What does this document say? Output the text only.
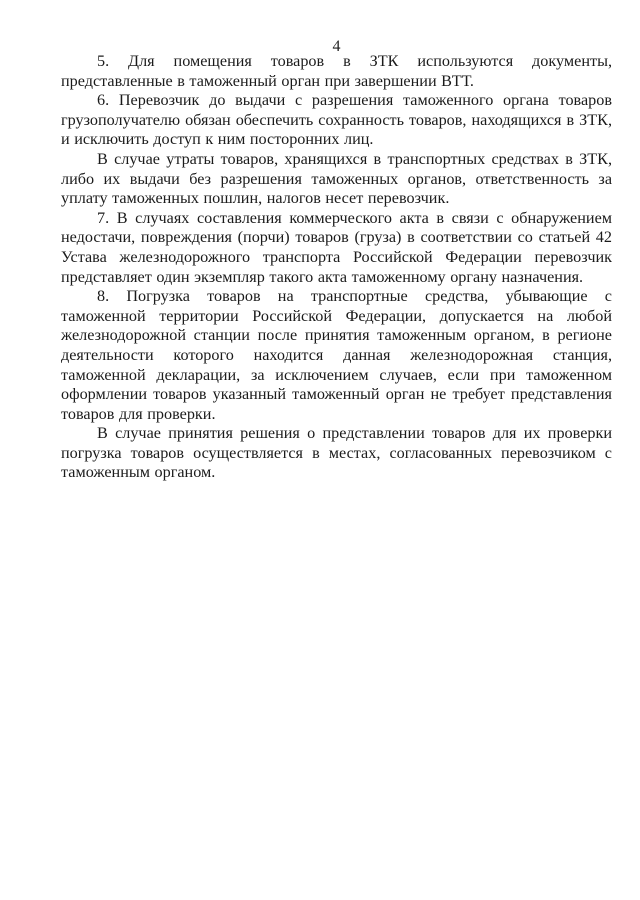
4

5. Для помещения товаров в ЗТК используются документы, представленные в таможенный орган при завершении ВТТ.

6. Перевозчик до выдачи с разрешения таможенного органа товаров грузополучателю обязан обеспечить сохранность товаров, находящихся в ЗТК, и исключить доступ к ним посторонних лиц.

В случае утраты товаров, хранящихся в транспортных средствах в ЗТК, либо их выдачи без разрешения таможенных органов, ответственность за уплату таможенных пошлин, налогов несет перевозчик.

7. В случаях составления коммерческого акта в связи с обнаружением недостачи, повреждения (порчи) товаров (груза) в соответствии со статьей 42 Устава железнодорожного транспорта Российской Федерации перевозчик представляет один экземпляр такого акта таможенному органу назначения.

8. Погрузка товаров на транспортные средства, убывающие с таможенной территории Российской Федерации, допускается на любой железнодорожной станции после принятия таможенным органом, в регионе деятельности которого находится данная железнодорожная станция, таможенной декларации, за исключением случаев, если при таможенном оформлении товаров указанный таможенный орган не требует представления товаров для проверки.

В случае принятия решения о представлении товаров для их проверки погрузка товаров осуществляется в местах, согласованных перевозчиком с таможенным органом.
